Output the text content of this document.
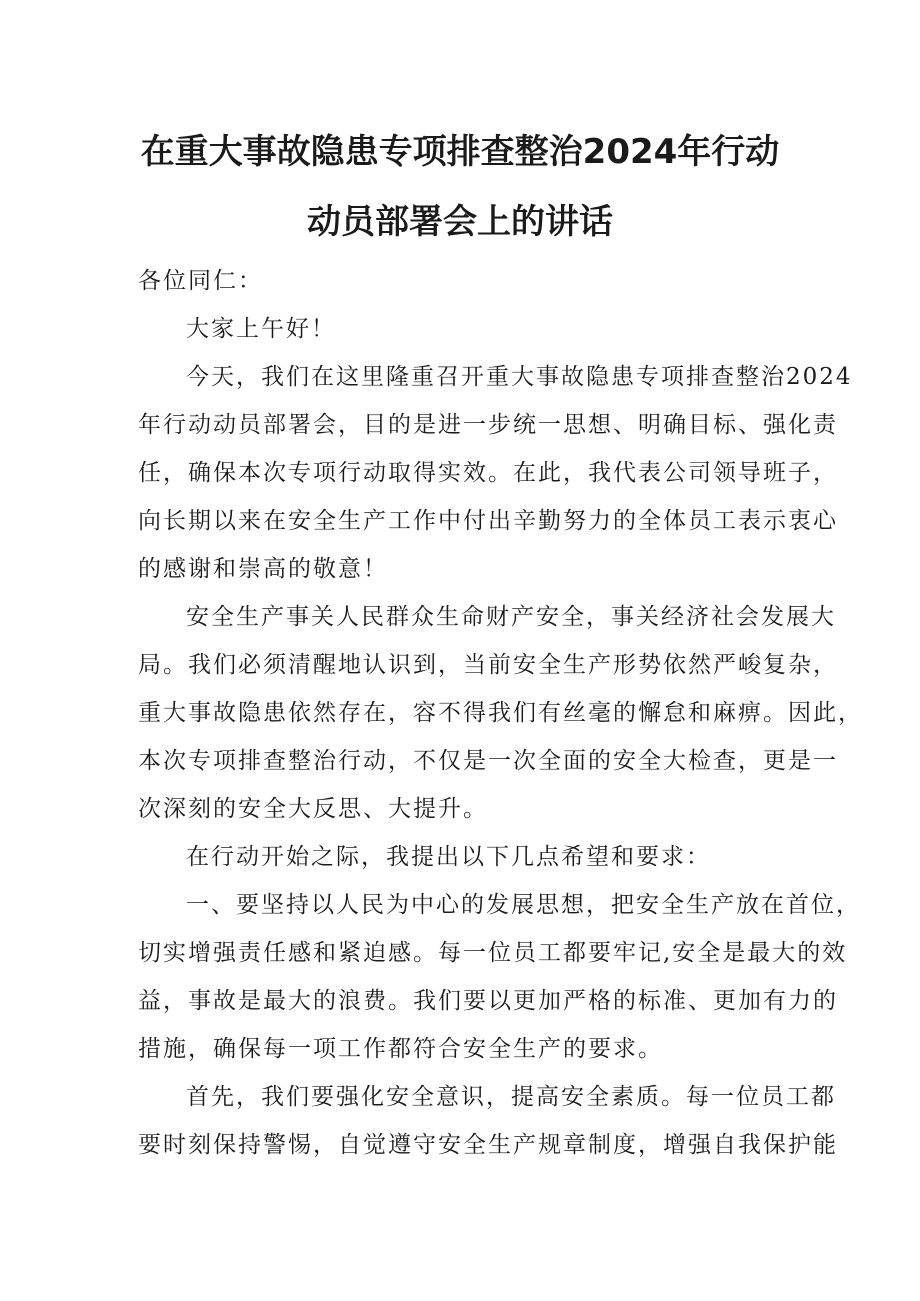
在重大事故隐患专项排查整治2024年行动
动员部署会上的讲话
各位同仁：
大家上午好！
今天，我们在这里隆重召开重大事故隐患专项排查整治2024
年行动动员部署会，目的是进一步统一思想、明确目标、强化责
任，确保本次专项行动取得实效。在此，我代表公司领导班子，
向长期以来在安全生产工作中付出辛勤努力的全体员工表示衷心
的感谢和崇高的敬意！
安全生产事关人民群众生命财产安全，事关经济社会发展大
局。我们必须清醒地认识到，当前安全生产形势依然严峻复杂，
重大事故隐患依然存在，容不得我们有丝毫的懈怠和麻痹。因此，
本次专项排查整治行动，不仅是一次全面的安全大检查，更是一
次深刻的安全大反思、大提升。
在行动开始之际，我提出以下几点希望和要求：
一、要坚持以人民为中心的发展思想，把安全生产放在首位，
切实增强责任感和紧迫感。每一位员工都要牢记,安全是最大的效
益，事故是最大的浪费。我们要以更加严格的标准、更加有力的
措施，确保每一项工作都符合安全生产的要求。
首先，我们要强化安全意识，提高安全素质。每一位员工都
要时刻保持警惕，自觉遵守安全生产规章制度，增强自我保护能
